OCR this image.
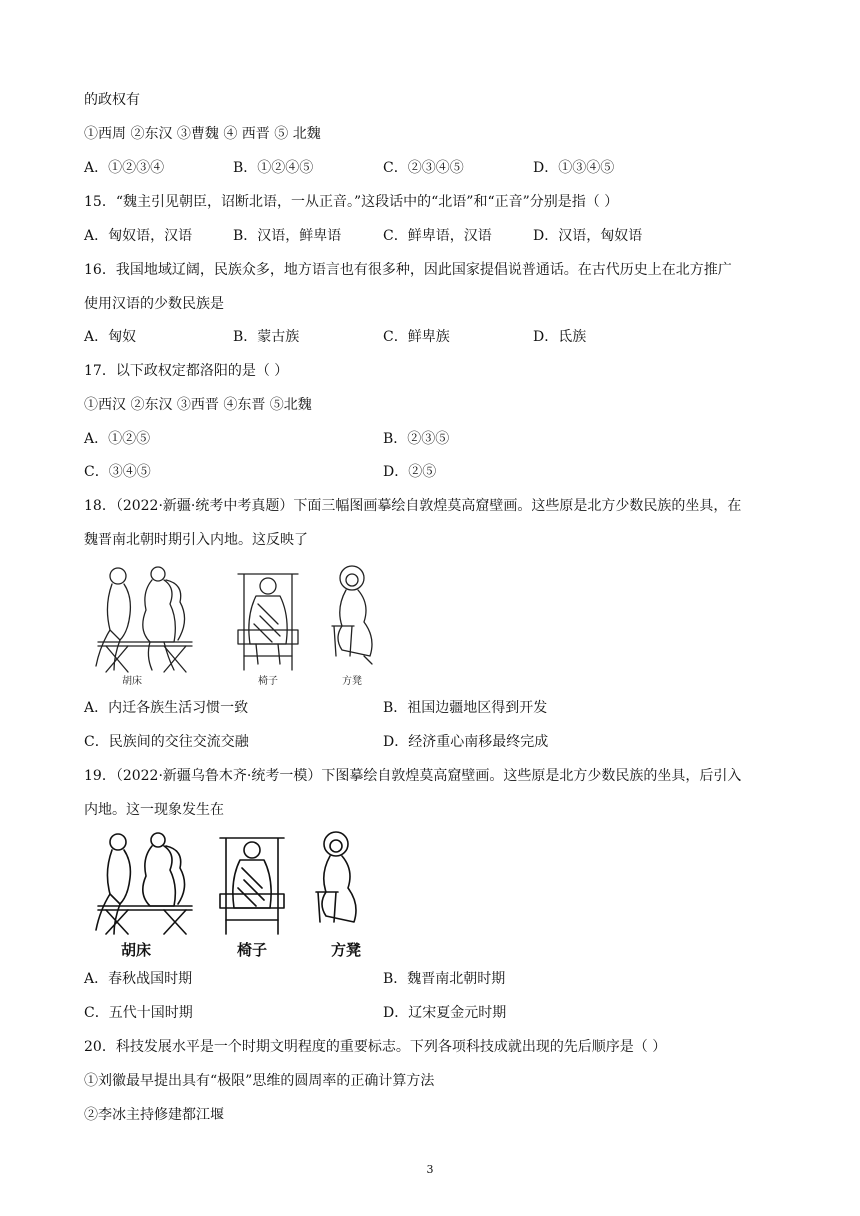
的政权有
①西周 ②东汉 ③曹魏 ④ 西晋 ⑤ 北魏
A．①②③④	B．①②④⑤	C．②③④⑤	D．①③④⑤
15．“魏主引见朝臣，诏断北语，一从正音。”这段话中的“北语”和“正音”分别是指（ ）
A．匈奴语，汉语	B．汉语，鲜卑语	C．鲜卑语，汉语	D．汉语，匈奴语
16．我国地域辽阔，民族众多，地方语言也有很多种，因此国家提倡说普通话。在古代历史上在北方推广
使用汉语的少数民族是
A．匈奴	B．蒙古族	C．鲜卑族	D．氐族
17．以下政权定都洛阳的是（ ）
①西汉 ②东汉 ③西晋 ④东晋 ⑤北魏
A．①②⑤	B．②③⑤
C．③④⑤	D．②⑤
18．（2022·新疆·统考中考真题）下面三幅图画摹绘自敦煌莫高窟壁画。这些原是北方少数民族的坐具，在
魏晋南北朝时期引入内地。这反映了
胡床	椅子	方凳
A．内迁各族生活习惯一致	B．祖国边疆地区得到开发
C．民族间的交往交流交融	D．经济重心南移最终完成
19．（2022·新疆乌鲁木齐·统考一模）下图摹绘自敦煌莫高窟壁画。这些原是北方少数民族的坐具，后引入
内地。这一现象发生在
胡床	椅子	方凳
A．春秋战国时期	B．魏晋南北朝时期
C．五代十国时期	D．辽宋夏金元时期
20．科技发展水平是一个时期文明程度的重要标志。下列各项科技成就出现的先后顺序是（ ）
①刘徽最早提出具有“极限”思维的圆周率的正确计算方法
②李冰主持修建都江堰
3
